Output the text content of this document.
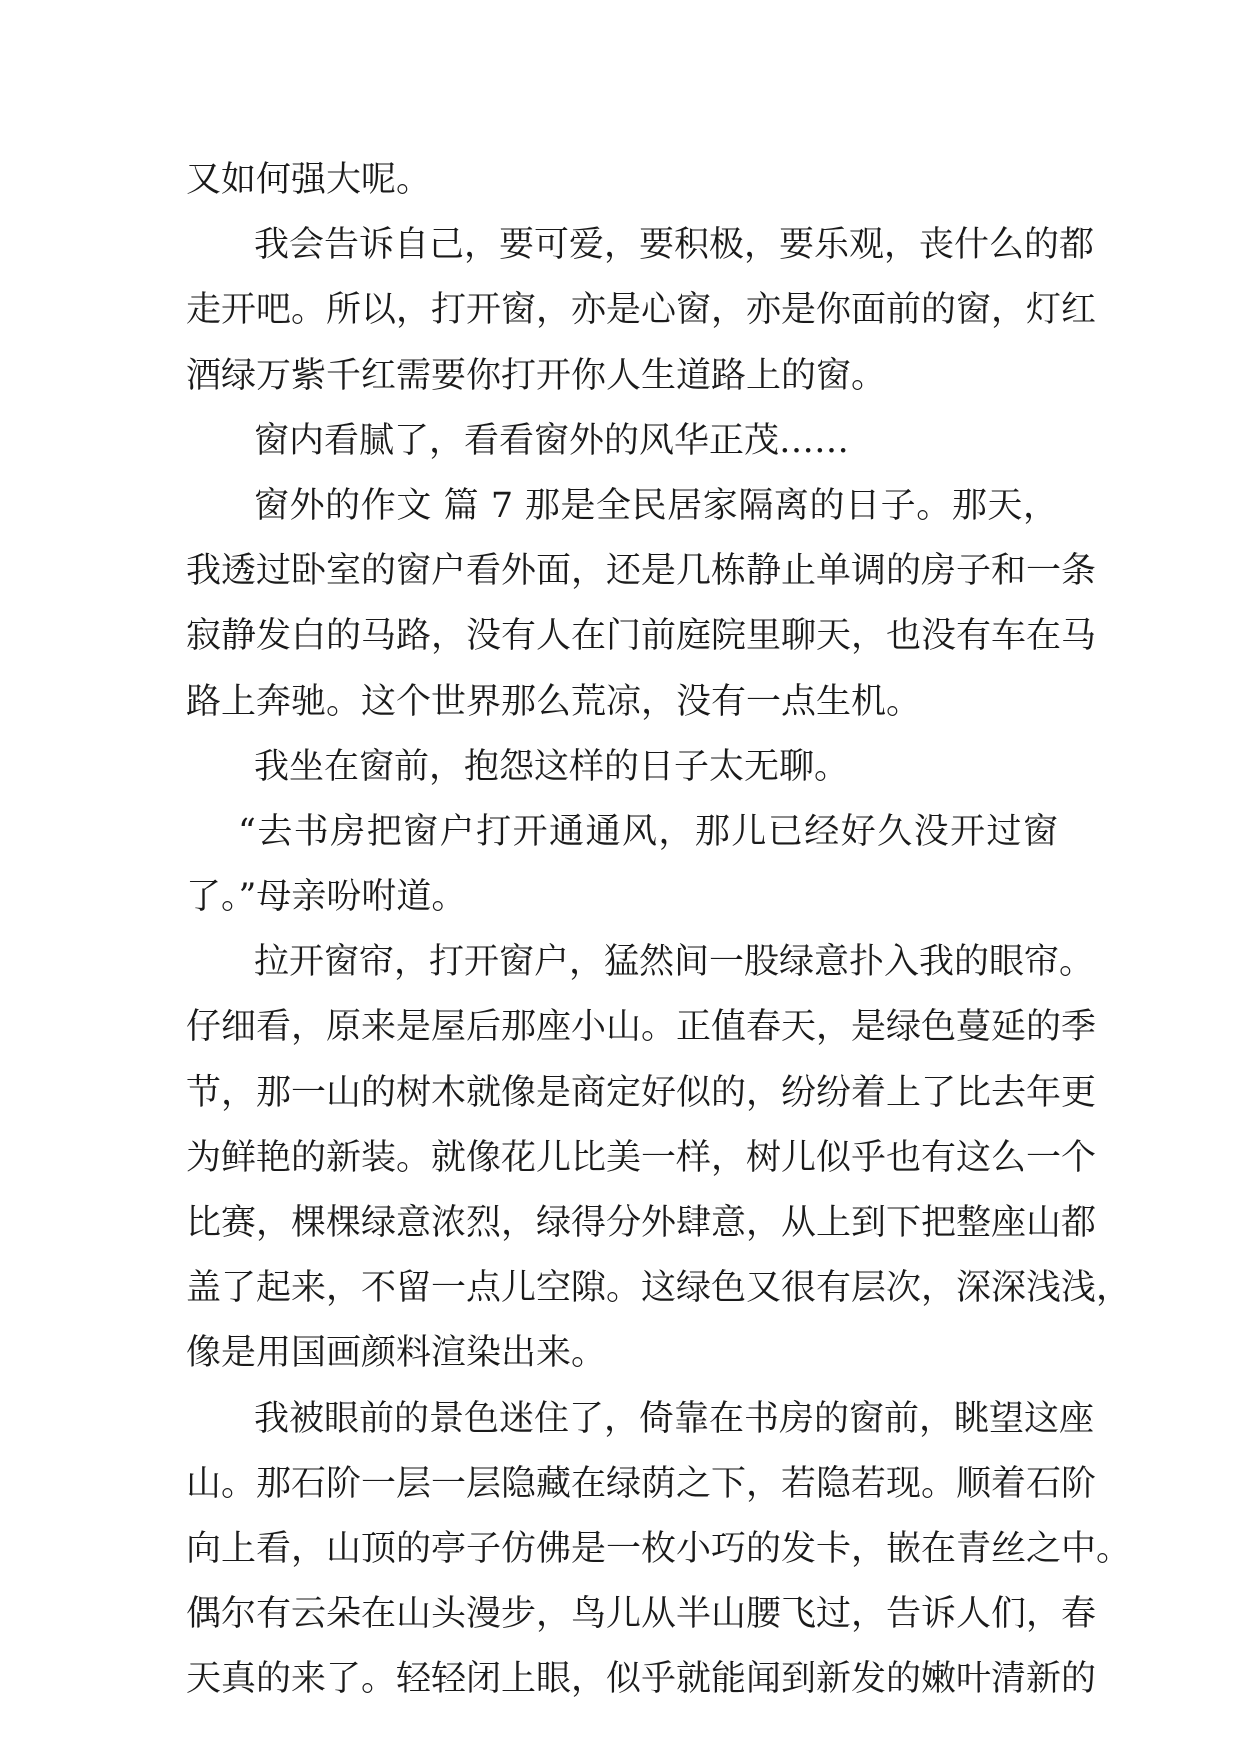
又如何强大呢。
我会告诉自己，要可爱，要积极，要乐观，丧什么的都
走开吧。所以，打开窗，亦是心窗，亦是你面前的窗，灯红
酒绿万紫千红需要你打开你人生道路上的窗。
窗内看腻了，看看窗外的风华正茂……
窗外的作文 篇 7 那是全民居家隔离的日子。那天，
我透过卧室的窗户看外面，还是几栋静止单调的房子和一条
寂静发白的马路，没有人在门前庭院里聊天，也没有车在马
路上奔驰。这个世界那么荒凉，没有一点生机。
我坐在窗前，抱怨这样的日子太无聊。
“去书房把窗户打开通通风，那儿已经好久没开过窗
了。”母亲吩咐道。
拉开窗帘，打开窗户，猛然间一股绿意扑入我的眼帘。
仔细看，原来是屋后那座小山。正值春天，是绿色蔓延的季
节，那一山的树木就像是商定好似的，纷纷着上了比去年更
为鲜艳的新装。就像花儿比美一样，树儿似乎也有这么一个
比赛，棵棵绿意浓烈，绿得分外肆意，从上到下把整座山都
盖了起来，不留一点儿空隙。这绿色又很有层次，深深浅浅，
像是用国画颜料渲染出来。
我被眼前的景色迷住了，倚靠在书房的窗前，眺望这座
山。那石阶一层一层隐藏在绿荫之下，若隐若现。顺着石阶
向上看，山顶的亭子仿佛是一枚小巧的发卡，嵌在青丝之中。
偶尔有云朵在山头漫步，鸟儿从半山腰飞过，告诉人们，春
天真的来了。轻轻闭上眼，似乎就能闻到新发的嫩叶清新的
